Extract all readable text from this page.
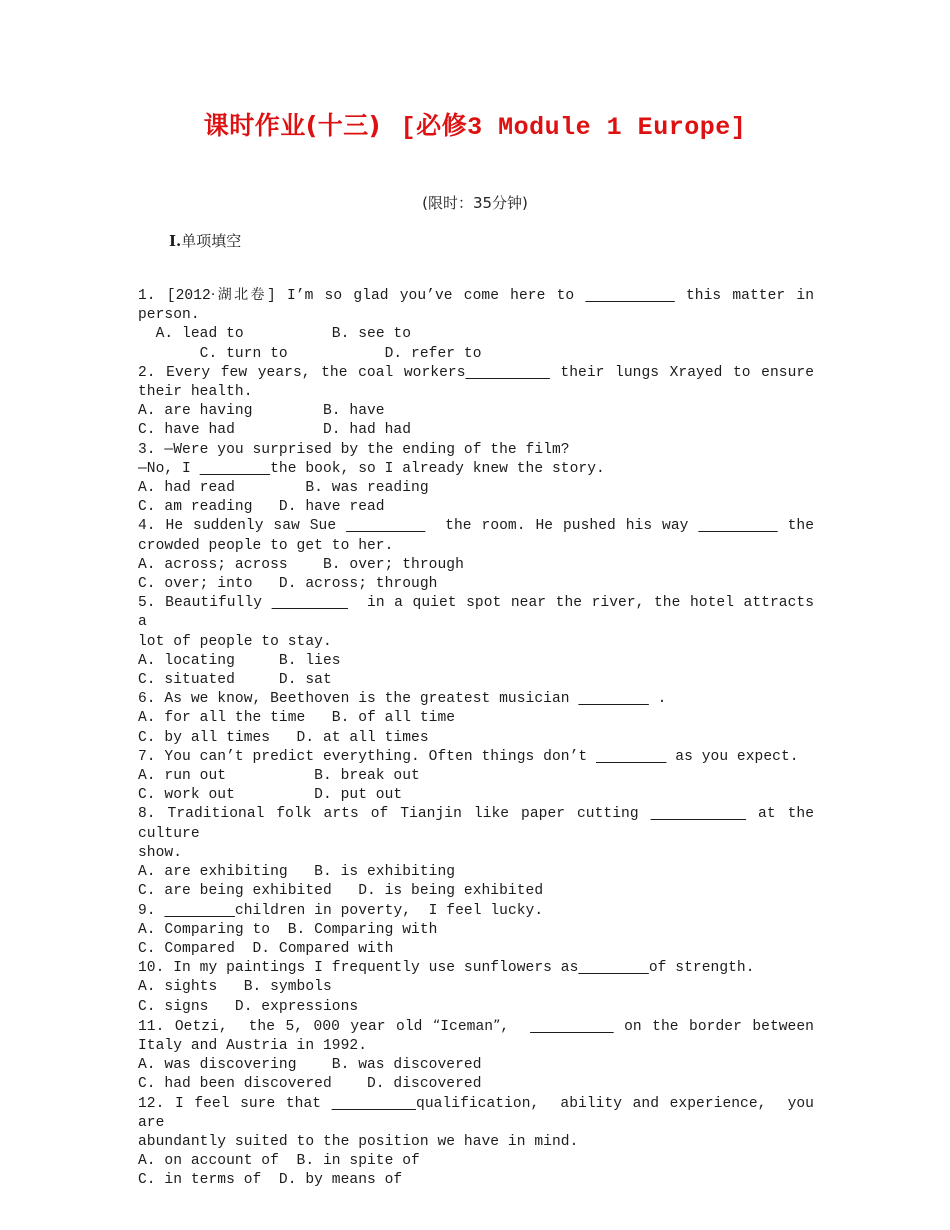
课时作业(十三) [必修3 Module 1 Europe]
(限时：35分钟)
Ⅰ.单项填空
1. [2012·湖北卷] I’m so glad you’ve come here to	this matter in
person.
A. lead to          B. see to
C. turn to           D. refer to
2. Every few years, the coal workers	their lungs Xrayed to ensure
their health.
A. are having        B. have
C. have had          D. had had
3. —Were you surprised by the ending of the film?
—No, I	the book, so I already knew the story.
A. had read        B. was reading
C. am reading   D. have read
4. He suddenly saw Sue	the room. He pushed his way	the
crowded people to get to her.
A. across; across    B. over; through
C. over; into   D. across; through
5. Beautifully	in a quiet spot near the river, the hotel attracts a
lot of people to stay.
A. locating     B. lies
C. situated     D. sat
6. As we know, Beethoven is the greatest musician	.
A. for all the time   B. of all time
C. by all times   D. at all times
7. You can’t predict everything. Often things don’t	as you expect.
A. run out          B. break out
C. work out         D. put out
8. Traditional folk arts of Tianjin like paper cutting	at the culture
show.
A. are exhibiting   B. is exhibiting
C. are being exhibited   D. is being exhibited
9.	children in poverty,  I feel lucky.
A. Comparing to  B. Comparing with
C. Compared  D. Compared with
10. In my paintings I frequently use sunflowers as	of strength.
A. sights   B. symbols
C. signs   D. expressions
11. Oetzi,  the 5, 000 year old “Iceman”,	on the border between
Italy and Austria in 1992.
A. was discovering    B. was discovered
C. had been discovered    D. discovered
12. I feel sure that	qualification,  ability and experience,  you are
abundantly suited to the position we have in mind.
A. on account of  B. in spite of
C. in terms of  D. by means of
